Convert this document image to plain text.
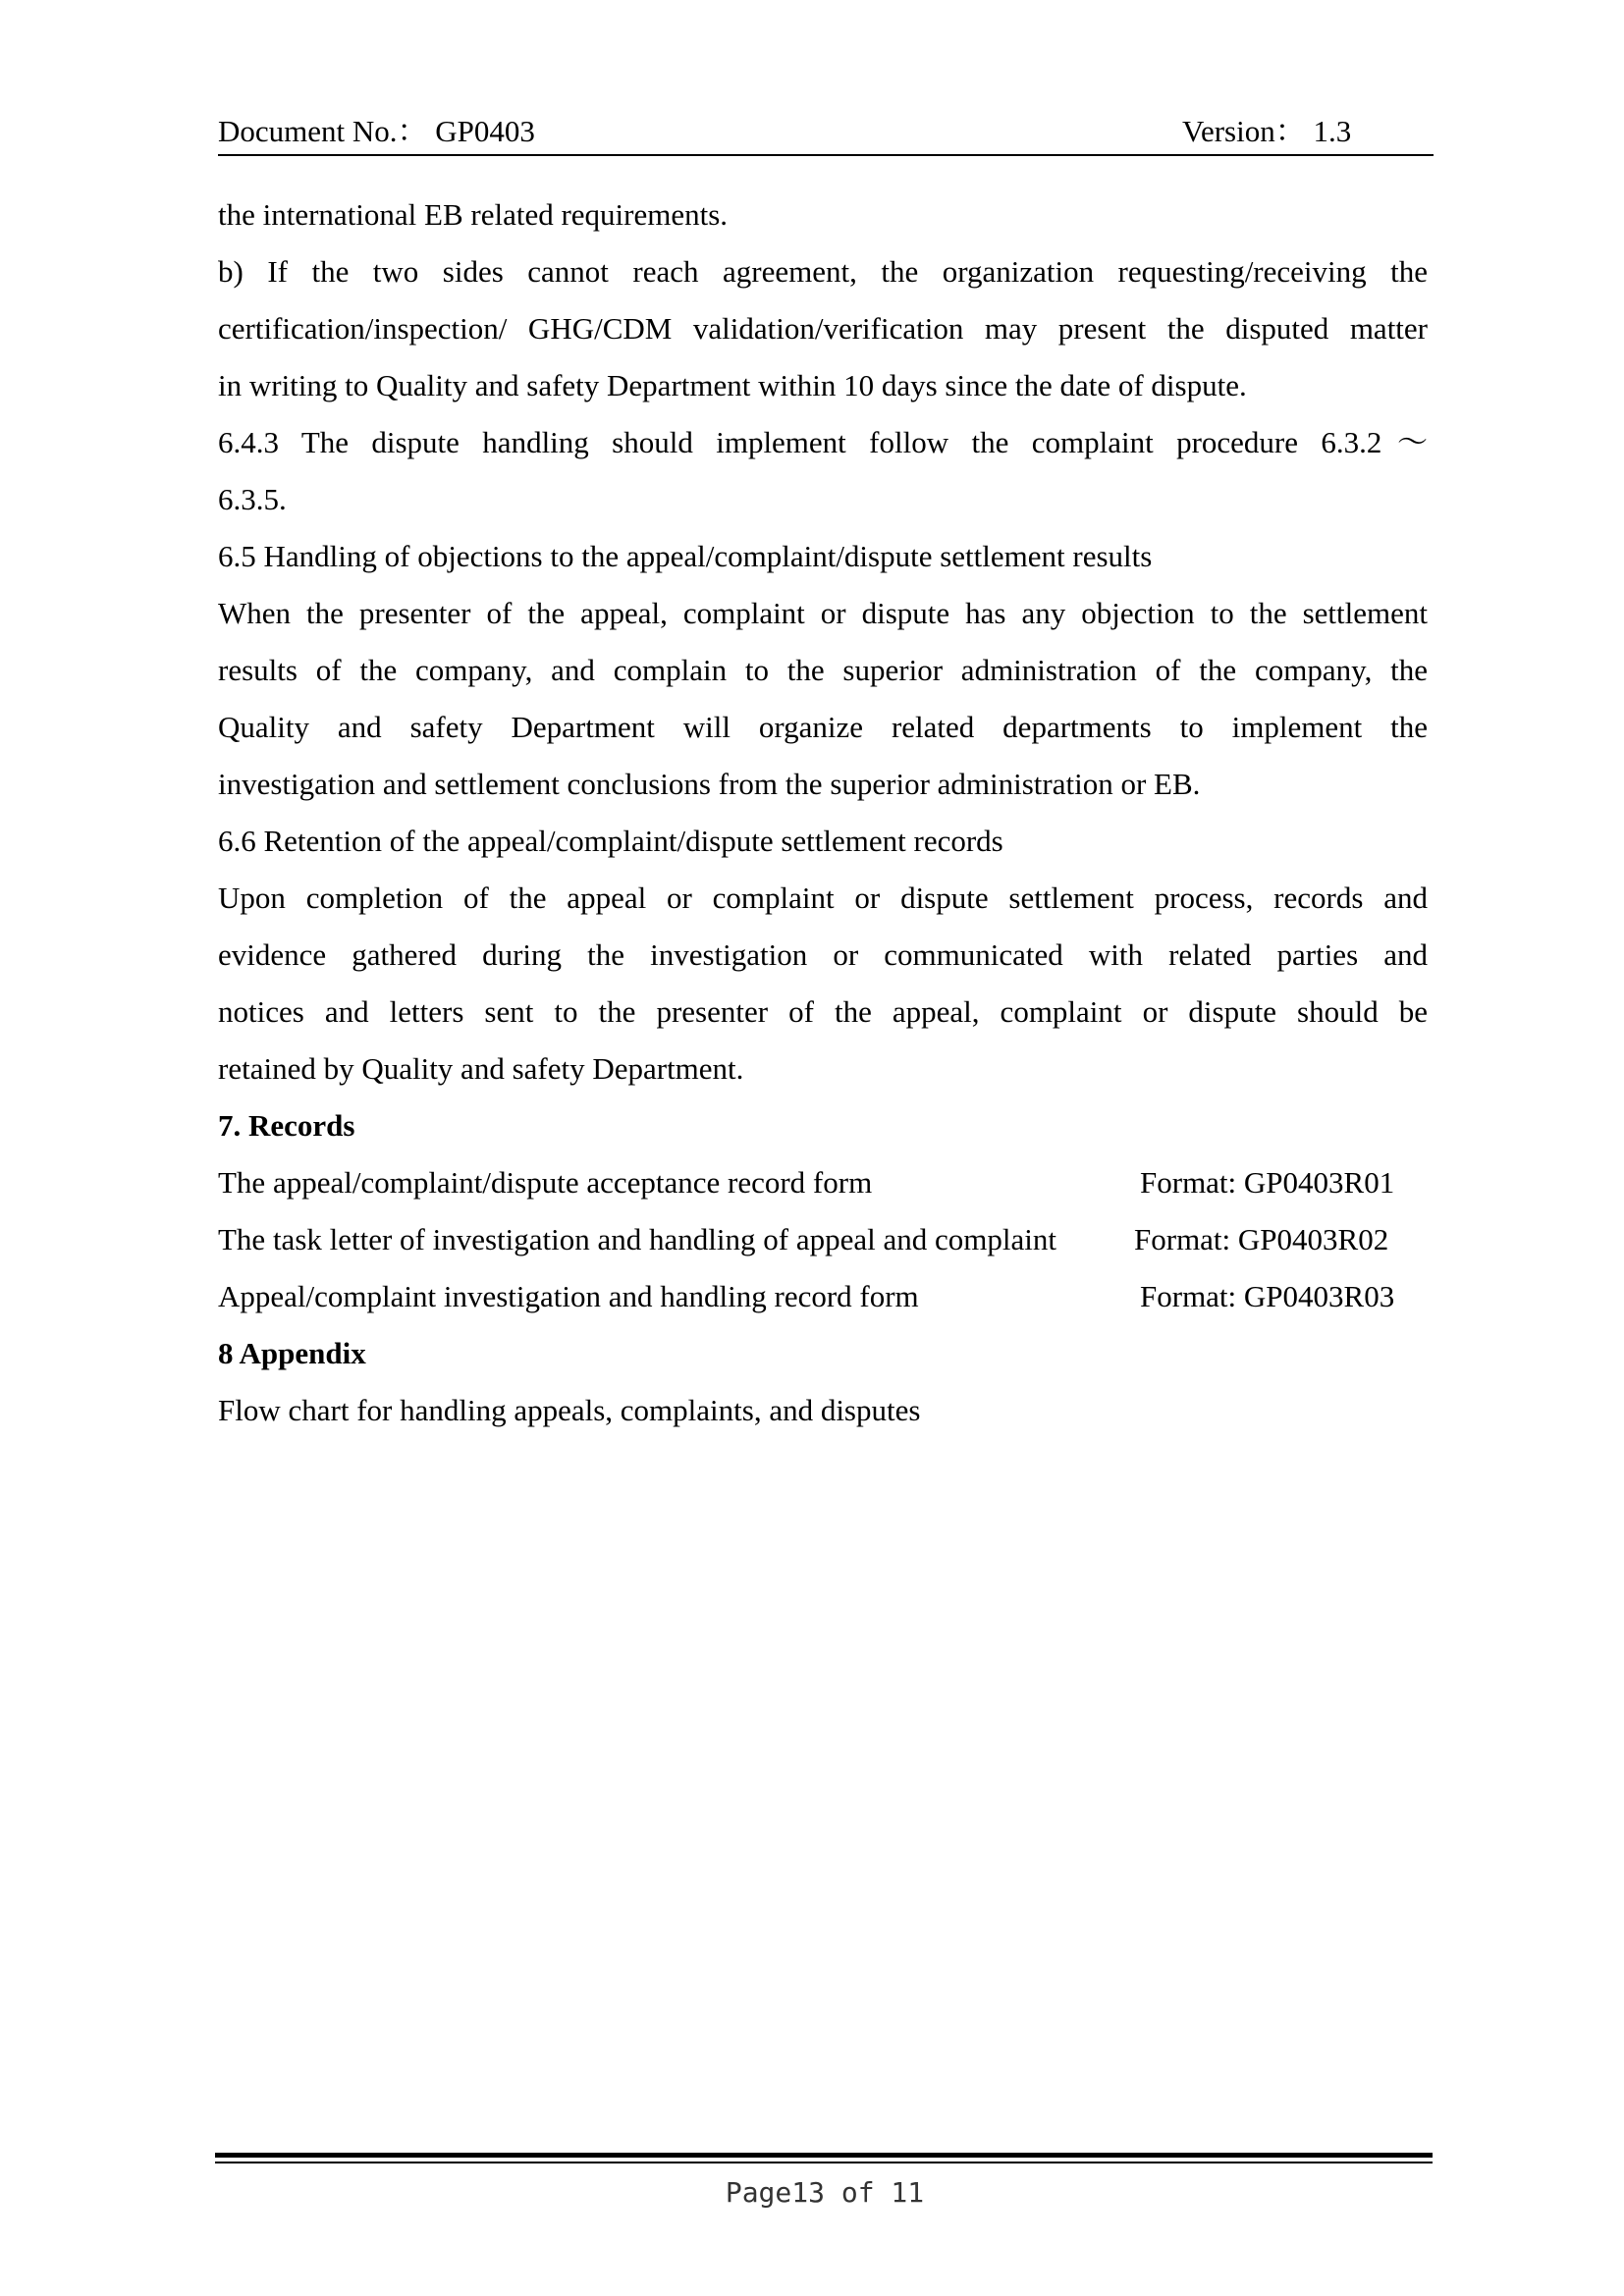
Document No.： GP0403	Version： 1.3
the international EB related requirements.
b) If the two sides cannot reach agreement, the organization requesting/receiving the
certification/inspection/ GHG/CDM validation/verification may present the disputed matter
in writing to Quality and safety Department within 10 days since the date of dispute.
6.4.3 The dispute handling should implement follow the complaint procedure 6.3.2～
6.3.5.
6.5 Handling of objections to the appeal/complaint/dispute settlement results
When the presenter of the appeal, complaint or dispute has any objection to the settlement
results of the company, and complain to the superior administration of the company, the
Quality and safety Department will organize related departments to implement the
investigation and settlement conclusions from the superior administration or EB.
6.6 Retention of the appeal/complaint/dispute settlement records
Upon completion of the appeal or complaint or dispute settlement process, records and
evidence gathered during the investigation or communicated with related parties and
notices and letters sent to the presenter of the appeal, complaint or dispute should be
retained by Quality and safety Department.
7. Records
The appeal/complaint/dispute acceptance record form	Format: GP0403R01
The task letter of investigation and handling of appeal and complaint	Format: GP0403R02
Appeal/complaint investigation and handling record form	Format: GP0403R03
8 Appendix
Flow chart for handling appeals, complaints, and disputes
Page13 of 11
